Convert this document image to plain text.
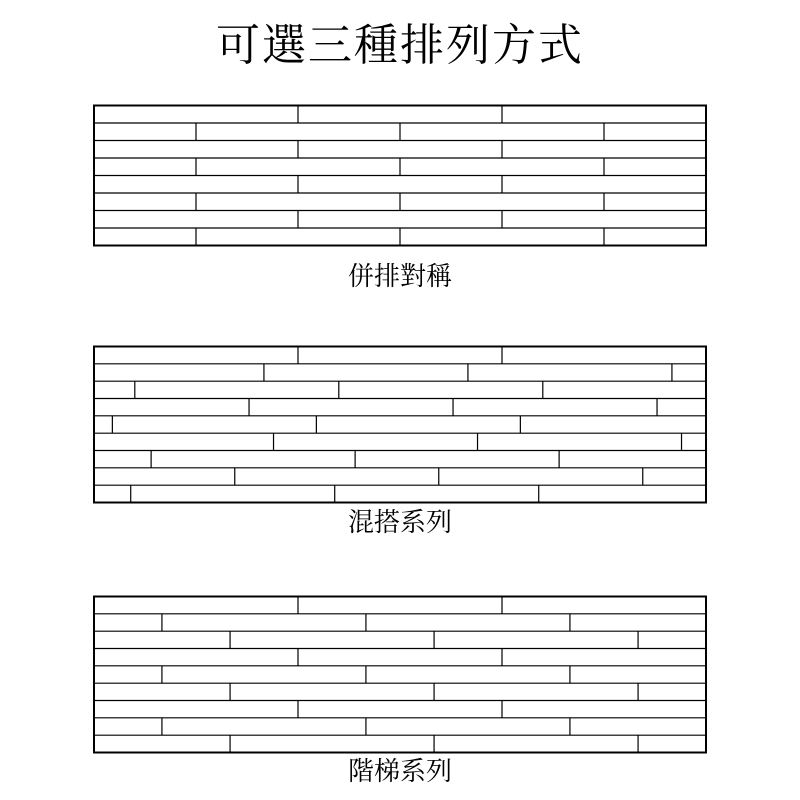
可選三種排列方式
併排對稱
混搭系列
階梯系列
